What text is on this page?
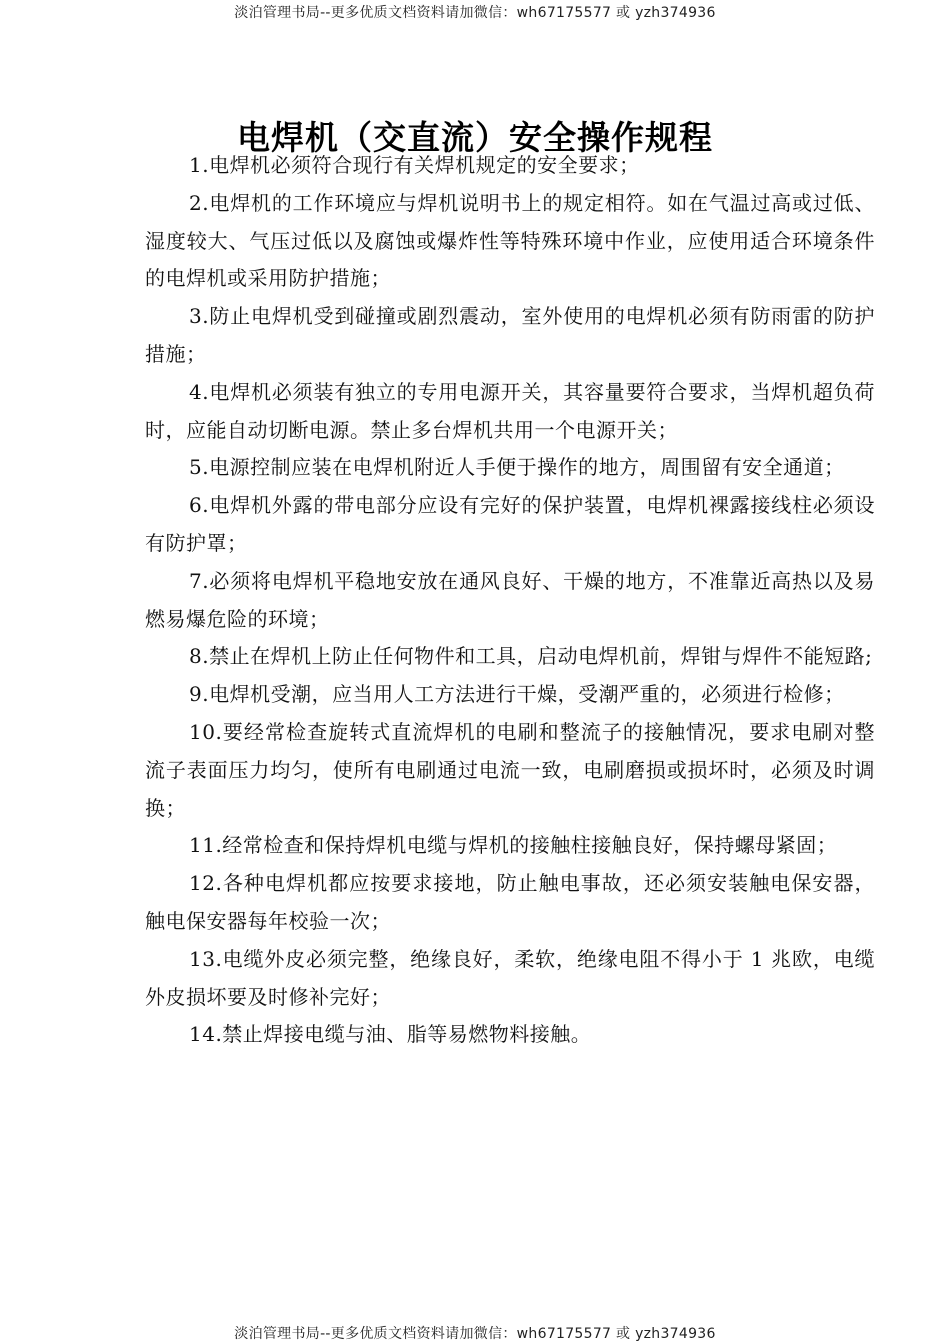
淡泊管理书局--更多优质文档资料请加微信：wh67175577 或 yzh374936
电焊机（交直流）安全操作规程

1.电焊机必须符合现行有关焊机规定的安全要求；

2.电焊机的工作环境应与焊机说明书上的规定相符。如在气温过高或过低、  湿度较大、气压过低以及腐蚀或爆炸性等特殊环境中作业，应使用适合环境条件 的电焊机或采用防护措施；

3.防止电焊机受到碰撞或剧烈震动，室外使用的电焊机必须有防雨雷的防护措施；

4.电焊机必须装有独立的专用电源开关，其容量要符合要求，当焊机超负荷 时，应能自动切断电源。禁止多台焊机共用一个电源开关；

5.电源控制应装在电焊机附近人手便于操作的地方，周围留有安全通道；

6.电焊机外露的带电部分应设有完好的保护装置，电焊机裸露接线柱必须设 有防护罩；

7.必须将电焊机平稳地安放在通风良好、干燥的地方，不准靠近高热以及易 燃易爆危险的环境；

8.禁止在焊机上防止任何物件和工具，启动电焊机前，焊钳与焊件不能短路;

9.电焊机受潮，应当用人工方法进行干燥，受潮严重的，必须进行检修；

10.要经常检查旋转式直流焊机的电刷和整流子的接触情况，要求电刷对整 流子表面压力均匀，使所有电刷通过电流一致，电刷磨损或损坏时，必须及时调 换；

11.经常检查和保持焊机电缆与焊机的接触柱接触良好，保持螺母紧固；

12.各种电焊机都应按要求接地，防止触电事故，还必须安装触电保安器，  触电保安器每年校验一次；

13.电缆外皮必须完整，绝缘良好，柔软，绝缘电阻不得小于 1 兆欧，电缆外皮损坏要及时修补完好；

14.禁止焊接电缆与油、脂等易燃物料接触。

淡泊管理书局--更多优质文档资料请加微信：wh67175577 或 yzh374936
